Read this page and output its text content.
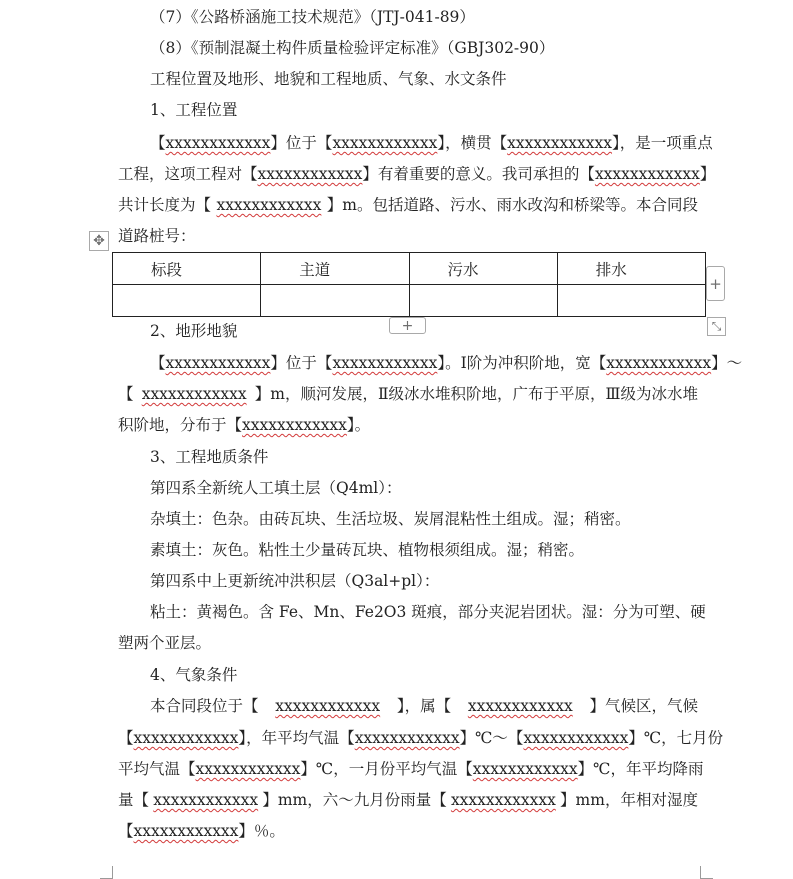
（7）《公路桥涵施工技术规范》（JTJ-041-89）
（8）《预制混凝土构件质量检验评定标准》（GBJ302-90）
工程位置及地形、地貌和工程地质、气象、水文条件
1、工程位置
【 xxxxxxxxxxxx 】位于【 xxxxxxxxxxxx 】，横贯【 xxxxxxxxxxxx 】，是一项重点
工程，这项工程对【 xxxxxxxxxxxx 】有着重要的意义。我司承担的【 xxxxxxxxxxxx 】
共计长度为【 xxxxxxxxxxxx 】m。包括道路、污水、雨水改沟和桥梁等。本合同段
道路桩号：
✥
标段	主道	污水	排水

+
+	⤡
2、地形地貌
【 xxxxxxxxxxxx 】位于【 xxxxxxxxxxxx 】。Ⅰ阶为冲积阶地，宽【 xxxxxxxxxxxx 】～
【 xxxxxxxxxxxx 】m，顺河发展，Ⅱ级冰水堆积阶地，广布于平原，Ⅲ级为冰水堆
积阶地，分布于【xxxxxxxxxxxx】。
3、工程地质条件
第四系全新统人工填土层（Q4ml）：
杂填土：色杂。由砖瓦块、生活垃圾、炭屑混粘性土组成。湿；稍密。
素填土：灰色。粘性土少量砖瓦块、植物根须组成。湿；稍密。
第四系中上更新统冲洪积层（Q3al+pl）：
粘土：黄褐色。含 Fe、Mn、Fe2O3 斑痕，部分夹泥岩团状。湿：分为可塑、硬
塑两个亚层。
4、气象条件
本合同段位于【 xxxxxxxxxxxx 】，属【 xxxxxxxxxxxx 】气候区，气候
【 xxxxxxxxxxxx 】，年平均气温【 xxxxxxxxxxxx 】℃～【 xxxxxxxxxxxx 】℃，七月份
平均气温【 xxxxxxxxxxxx 】℃，一月份平均气温【 xxxxxxxxxxxx 】℃，年平均降雨
量【 xxxxxxxxxxxx 】mm，六～九月份雨量【 xxxxxxxxxxxx 】mm，年相对湿度
【xxxxxxxxxxxx】％。
